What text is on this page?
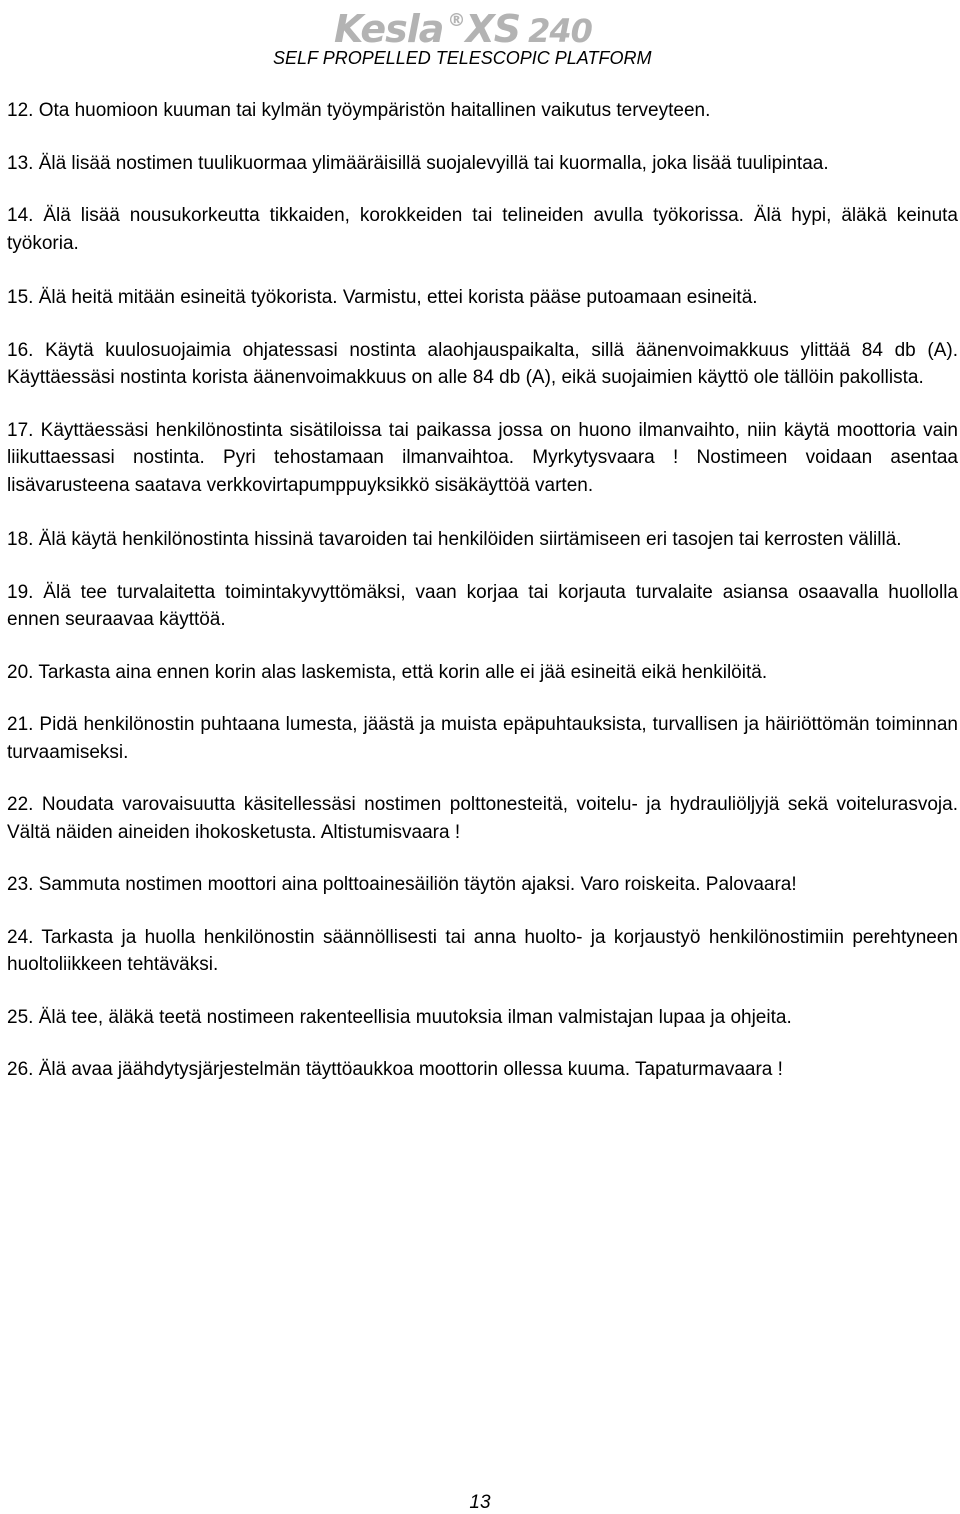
Kesla ®XS 240
SELF PROPELLED TELESCOPIC PLATFORM

12. Ota huomioon kuuman tai kylmän työympäristön haitallinen vaikutus terveyteen.

13. Älä lisää nostimen tuulikuormaa ylimääräisillä suojalevyillä tai kuormalla, joka lisää tuulipintaa.

14. Älä lisää nousukorkeutta tikkaiden, korokkeiden tai telineiden avulla työkorissa. Älä hypi, äläkä keinuta työkoria.

15. Älä heitä mitään esineitä työkorista. Varmistu, ettei korista pääse putoamaan esineitä.

16. Käytä kuulosuojaimia ohjatessasi nostinta alaohjauspaikalta, sillä äänenvoimakkuus ylittää 84 db (A). Käyttäessäsi nostinta korista äänenvoimakkuus on alle 84 db (A), eikä suojaimien käyttö ole tällöin pakollista.

17. Käyttäessäsi henkilönostinta sisätiloissa tai paikassa jossa on huono ilmanvaihto, niin käytä moottoria vain liikuttaessasi nostinta. Pyri tehostamaan ilmanvaihtoa. Myrkytysvaara ! Nostimeen voidaan asentaa lisävarusteena saatava verkkovirtapumppuyksikkö sisäkäyttöä varten.

18. Älä käytä henkilönostinta hissinä tavaroiden tai henkilöiden siirtämiseen eri tasojen tai kerrosten välillä.

19. Älä tee turvalaitetta toimintakyvyttömäksi, vaan korjaa tai korjauta turvalaite asiansa osaavalla huollolla ennen seuraavaa käyttöä.

20. Tarkasta aina ennen korin alas laskemista, että korin alle ei jää esineitä eikä henkilöitä.

21. Pidä henkilönostin puhtaana lumesta, jäästä ja muista epäpuhtauksista, turvallisen ja häiriöttömän toiminnan turvaamiseksi.

22. Noudata varovaisuutta käsitellessäsi nostimen polttonesteitä, voitelu- ja hydrauliöljyjä sekä voitelurasvoja. Vältä näiden aineiden ihokosketusta. Altistumisvaara !

23. Sammuta nostimen moottori aina polttoainesäiliön täytön ajaksi. Varo roiskeita. Palovaara!

24. Tarkasta ja huolla henkilönostin säännöllisesti tai anna huolto- ja korjaustyö henkilönostimiin perehtyneen huoltoliikkeen tehtäväksi.

25. Älä tee, äläkä teetä nostimeen rakenteellisia muutoksia ilman valmistajan lupaa ja ohjeita.

26. Älä avaa jäähdytysjärjestelmän täyttöaukkoa moottorin ollessa kuuma. Tapaturmavaara !

13
